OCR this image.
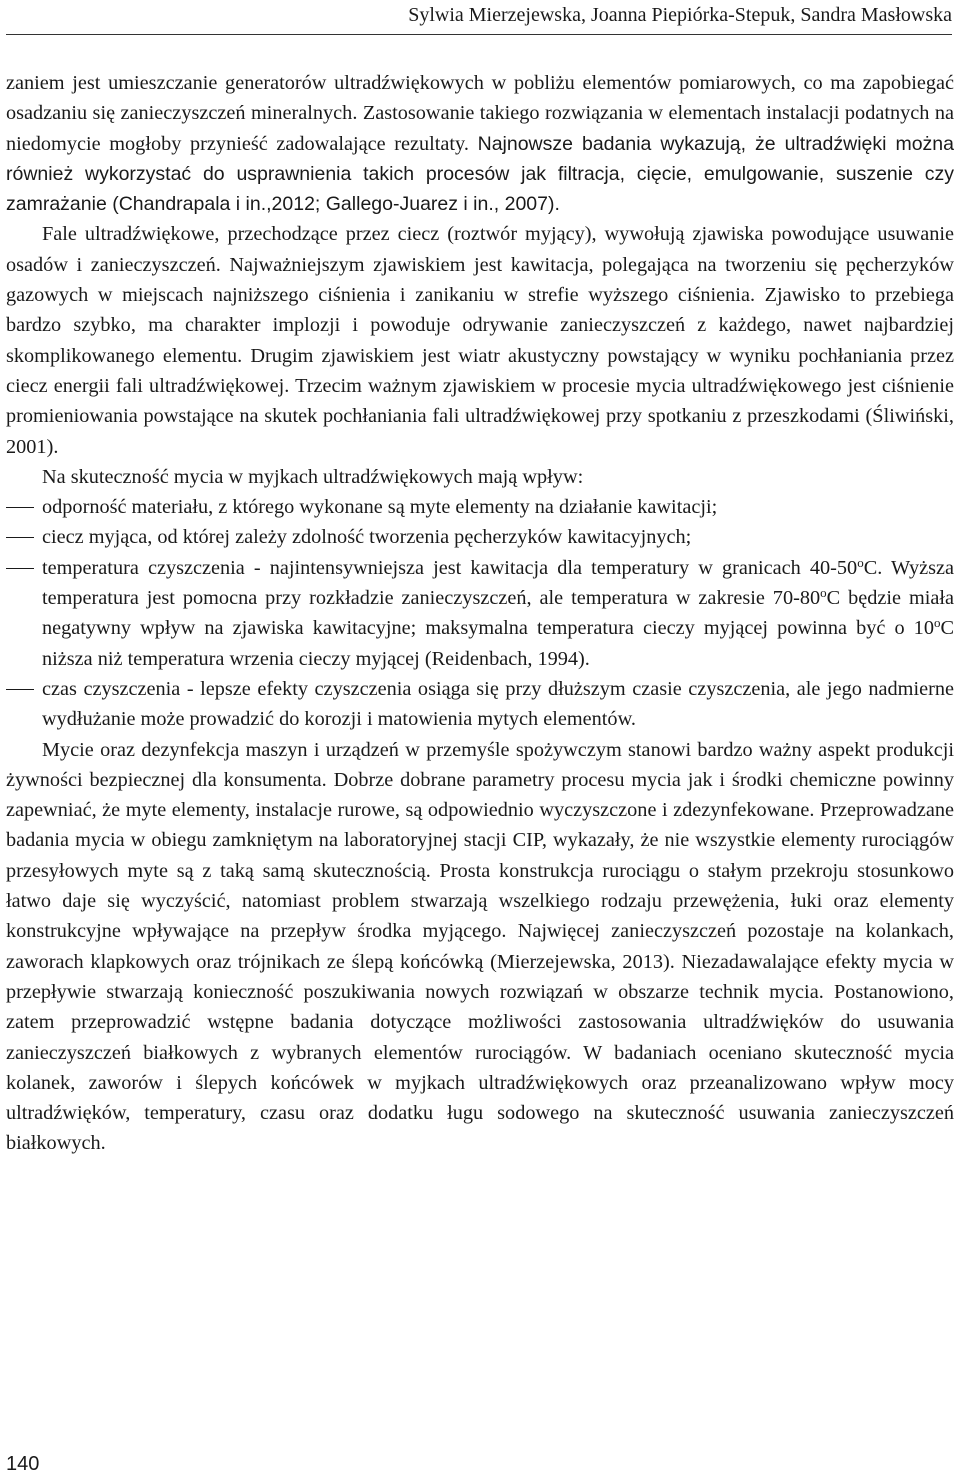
Sylwia Mierzejewska, Joanna Piepiórka-Stepuk, Sandra Masłowska

zaniem jest umieszczanie generatorów ultradźwiękowych w pobliżu elementów pomiarowych, co ma zapobiegać osadzaniu się zanieczyszczeń mineralnych. Zastosowanie takiego rozwiązania w elementach instalacji podatnych na niedomycie mogłoby przynieść zadowalające rezultaty. Najnowsze badania wykazują, że ultradźwięki można również wykorzystać do usprawnienia takich procesów jak filtracja, cięcie, emulgowanie, suszenie czy zamrażanie (Chandrapala i in.,2012; Gallego-Juarez i in., 2007).

Fale ultradźwiękowe, przechodzące przez ciecz (roztwór myjący), wywołują zjawiska powodujące usuwanie osadów i zanieczyszczeń. Najważniejszym zjawiskiem jest kawitacja, polegająca na tworzeniu się pęcherzyków gazowych w miejscach najniższego ciśnienia i zanikaniu w strefie wyższego ciśnienia. Zjawisko to przebiega bardzo szybko, ma charakter implozji i powoduje odrywanie zanieczyszczeń z każdego, nawet najbardziej skomplikowanego elementu. Drugim zjawiskiem jest wiatr akustyczny powstający w wyniku pochłaniania przez ciecz energii fali ultradźwiękowej. Trzecim ważnym zjawiskiem w procesie mycia ultradźwiękowego jest ciśnienie promieniowania powstające na skutek pochłaniania fali ultradźwiękowej przy spotkaniu z przeszkodami (Śliwiński, 2001).

Na skuteczność mycia w myjkach ultradźwiękowych mają wpływ:

odporność materiału, z którego wykonane są myte elementy na działanie kawitacji;

ciecz myjąca, od której zależy zdolność tworzenia pęcherzyków kawitacyjnych;

temperatura czyszczenia - najintensywniejsza jest kawitacja dla temperatury w granicach 40-50$^o$C. Wyższa temperatura jest pomocna przy rozkładzie zanieczyszczeń, ale temperatura w zakresie 70-80$^o$C będzie miała negatywny wpływ na zjawiska kawitacyjne; maksymalna temperatura cieczy myjącej powinna być o 10$^o$C niższa niż temperatura wrzenia cieczy myjącej (Reidenbach, 1994).

czas czyszczenia - lepsze efekty czyszczenia osiąga się przy dłuższym czasie czyszczenia, ale jego nadmierne wydłużanie może prowadzić do korozji i matowienia mytych elementów.

Mycie oraz dezynfekcja maszyn i urządzeń w przemyśle spożywczym stanowi bardzo ważny aspekt produkcji żywności bezpiecznej dla konsumenta. Dobrze dobrane parametry procesu mycia jak i środki chemiczne powinny zapewniać, że myte elementy, instalacje rurowe, są odpowiednio wyczyszczone i zdezynfekowane. Przeprowadzane badania mycia w obiegu zamkniętym na laboratoryjnej stacji CIP, wykazały, że nie wszystkie elementy rurociągów przesyłowych myte są z taką samą skutecznością. Prosta konstrukcja rurociągu o stałym przekroju stosunkowo łatwo daje się wyczyścić, natomiast problem stwarzają wszelkiego rodzaju przewężenia, łuki oraz elementy konstrukcyjne wpływające na przepływ środka myjącego. Najwięcej zanieczyszczeń pozostaje na kolankach, zaworach klapkowych oraz trójnikach ze ślepą końcówką (Mierzejewska, 2013). Niezadawalające efekty mycia w przepływie stwarzają konieczność poszukiwania nowych rozwiązań w obszarze technik mycia. Postanowiono, zatem przeprowadzić wstępne badania dotyczące możliwości zastosowania ultradźwięków do usuwania zanieczyszczeń białkowych z wybranych elementów rurociągów. W badaniach oceniano skuteczność mycia kolanek, zaworów i ślepych końcówek w myjkach ultradźwiękowych oraz przeanalizowano wpływ mocy ultradźwięków, temperatury, czasu oraz dodatku ługu sodowego na skuteczność usuwania zanieczyszczeń białkowych.

140
